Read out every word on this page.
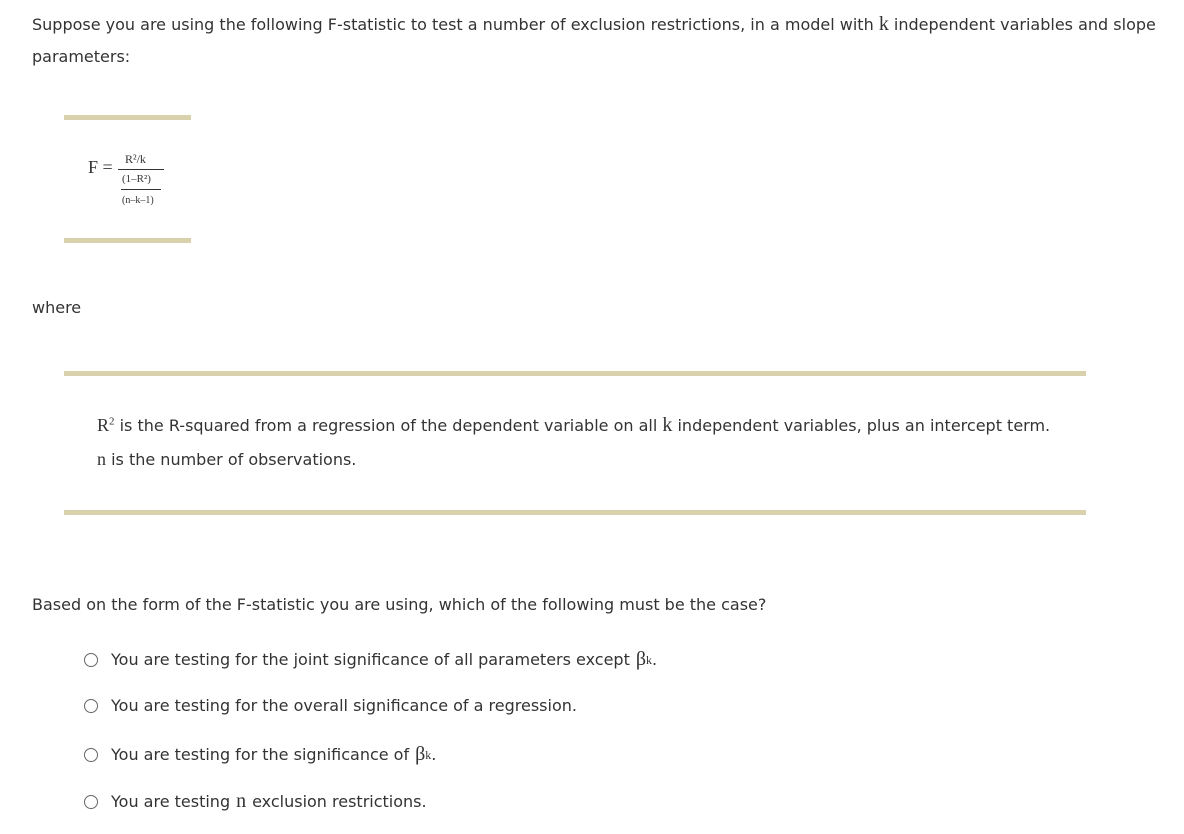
Suppose you are using the following F-statistic to test a number of exclusion restrictions, in a model with k independent variables and slope parameters:
F = R²/k
(1–R²)
(n–k–1)
where
$R^2$ is the R-squared from a regression of the dependent variable on all k independent variables, plus an intercept term.
n is the number of observations.
Based on the form of the F-statistic you are using, which of the following must be the case?
You are testing for the joint significance of all parameters except β k .
You are testing for the overall significance of a regression.
You are testing for the significance of β k .
You are testing n exclusion restrictions.
